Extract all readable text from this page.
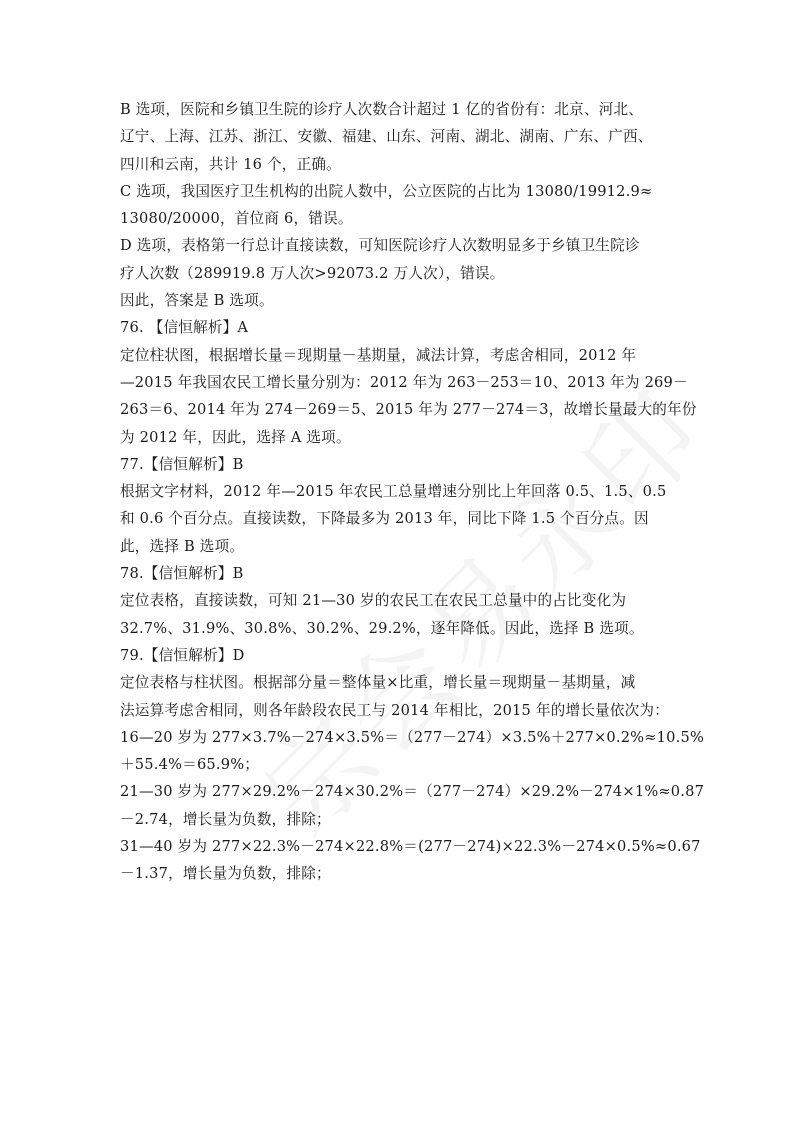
B 选项，医院和乡镇卫生院的诊疗人次数合计超过 1 亿的省份有：北京、河北、
辽宁、上海、江苏、浙江、安徽、福建、山东、河南、湖北、湖南、广东、广西、
四川和云南，共计 16 个，正确。
C 选项，我国医疗卫生机构的出院人数中，公立医院的占比为 13080/19912.9≈
13080/20000，首位商 6，错误。
D 选项，表格第一行总计直接读数，可知医院诊疗人次数明显多于乡镇卫生院诊
疗人次数（289919.8 万人次>92073.2 万人次），错误。
因此，答案是 B 选项。
76. 【信恒解析】A
定位柱状图，根据增长量＝现期量－基期量，减法计算，考虑舍相同，2012 年
—2015 年我国农民工增长量分别为：2012 年为 263－253＝10、2013 年为 269－
263＝6、2014 年为 274－269＝5、2015 年为 277－274＝3，故增长量最大的年份
为 2012 年，因此，选择 A 选项。
77.【信恒解析】B
根据文字材料，2012 年—2015 年农民工总量增速分别比上年回落 0.5、1.5、0.5
和 0.6 个百分点。直接读数，下降最多为 2013 年，同比下降 1.5 个百分点。因
此，选择 B 选项。
78.【信恒解析】B
定位表格，直接读数，可知 21—30 岁的农民工在农民工总量中的占比变化为
32.7%、31.9%、30.8%、30.2%、29.2%，逐年降低。因此，选择 B 选项。
79.【信恒解析】D
定位表格与柱状图。根据部分量＝整体量×比重，增长量＝现期量－基期量，减
法运算考虑舍相同，则各年龄段农民工与 2014 年相比，2015 年的增长量依次为：
16—20 岁为 277×3.7%－274×3.5%＝（277－274）×3.5%＋277×0.2%≈10.5%
＋55.4%＝65.9%；
21—30 岁为 277×29.2%－274×30.2%＝（277－274）×29.2%－274×1%≈0.87
－2.74，增长量为负数，排除；
31—40 岁为 277×22.3%－274×22.8%＝(277－274)×22.3%－274×0.5%≈0.67
－1.37，增长量为负数，排除；
